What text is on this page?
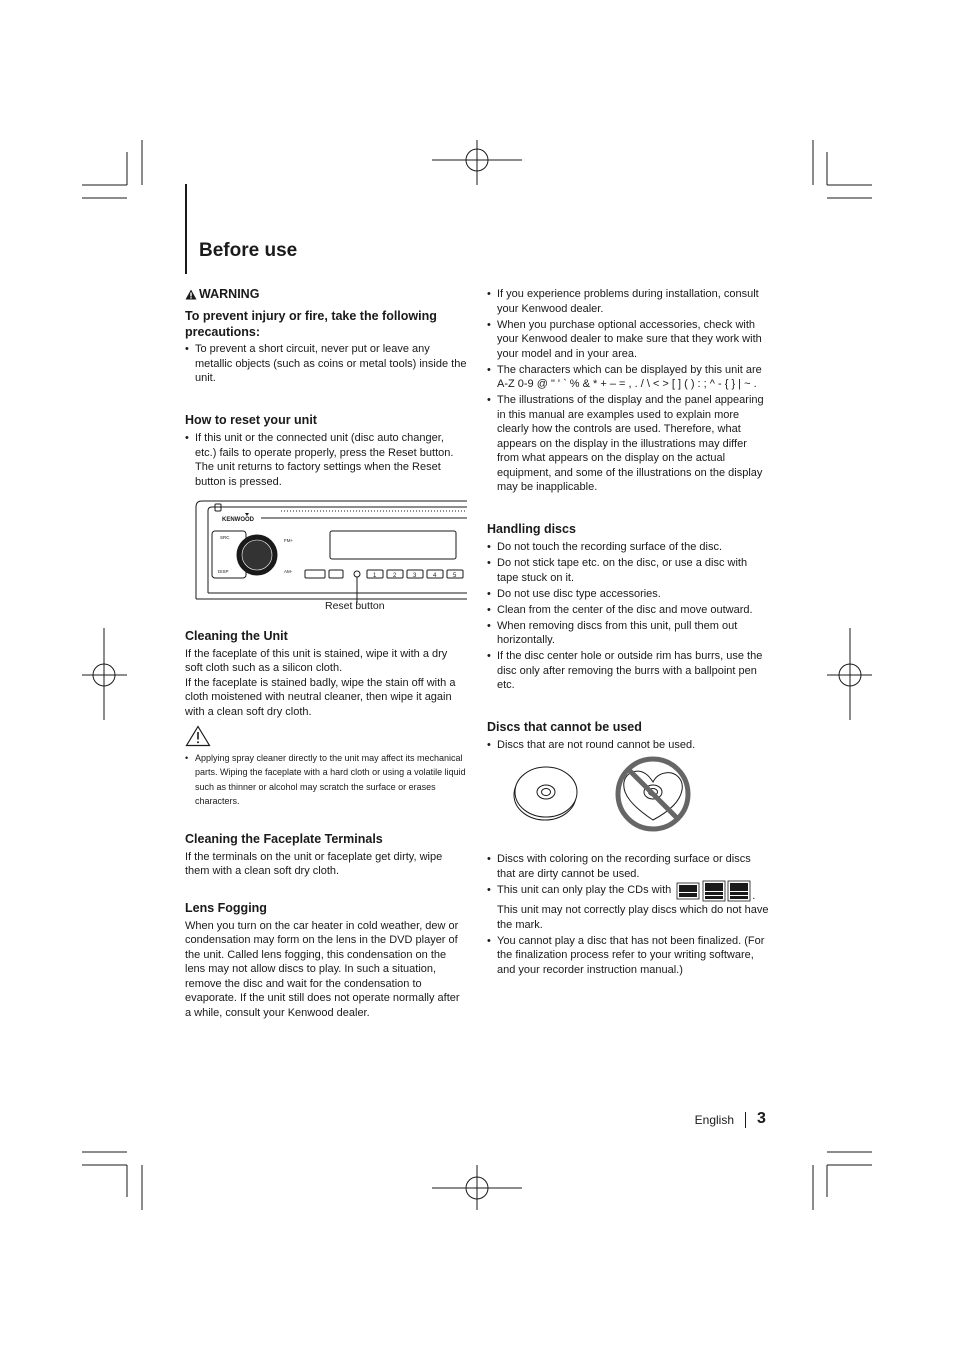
Before use
WARNING
To prevent injury or fire, take the following precautions:
• To prevent a short circuit, never put or leave any metallic objects (such as coins or metal tools) inside the unit.
How to reset your unit
• If this unit or the connected unit (disc auto changer, etc.) fails to operate properly, press the Reset button. The unit returns to factory settings when the Reset button is pressed.
KENWOOD
SRC
DISP
FM+
AM-
1	2	3	4	5
Reset button
Cleaning the Unit

If the faceplate of this unit is stained, wipe it with a dry soft cloth such as a silicon cloth.

If the faceplate is stained badly, wipe the stain off with a cloth moistened with neutral cleaner, then wipe it again with a clean soft dry cloth.

• Applying spray cleaner directly to the unit may affect its mechanical parts. Wiping the faceplate with a hard cloth or using a volatile liquid such as thinner or alcohol may scratch the surface or erases characters.
Cleaning the Faceplate Terminals

If the terminals on the unit or faceplate get dirty, wipe them with a clean soft dry cloth.

Lens Fogging

When you turn on the car heater in cold weather, dew or condensation may form on the lens in the DVD player of the unit. Called lens fogging, this condensation on the lens may not allow discs to play. In such a situation, remove the disc and wait for the condensation to evaporate. If the unit still does not operate normally after a while, consult your Kenwood dealer.

• If you experience problems during installation, consult your Kenwood dealer.
• When you purchase optional accessories, check with your Kenwood dealer to make sure that they work with your model and in your area.
• The characters which can be displayed by this unit are A-Z 0-9 @ " ' ` % & * + – = , . / \ < > [ ] ( ) : ; ^ - { } | ~ .
• The illustrations of the display and the panel appearing in this manual are examples used to explain more clearly how the controls are used. Therefore, what appears on the display in the illustrations may differ from what appears on the display on the actual equipment, and some of the illustrations on the display may be inapplicable.
Handling discs
• Do not touch the recording surface of the disc.
• Do not stick tape etc. on the disc, or use a disc with tape stuck on it.
• Do not use disc type accessories.
• Clean from the center of the disc and move outward.
• When removing discs from this unit, pull them out horizontally.
• If the disc center hole or outside rim has burrs, use the disc only after removing the burrs with a ballpoint pen etc.
Discs that cannot be used
• Discs that are not round cannot be used.
• Discs with coloring on the recording surface or discs that are dirty cannot be used.
• This unit can only play the CDs with	.
This unit may not correctly play discs which do not have the mark.
• You cannot play a disc that has not been finalized. (For the finalization process refer to your writing software, and your recorder instruction manual.)
English 3
